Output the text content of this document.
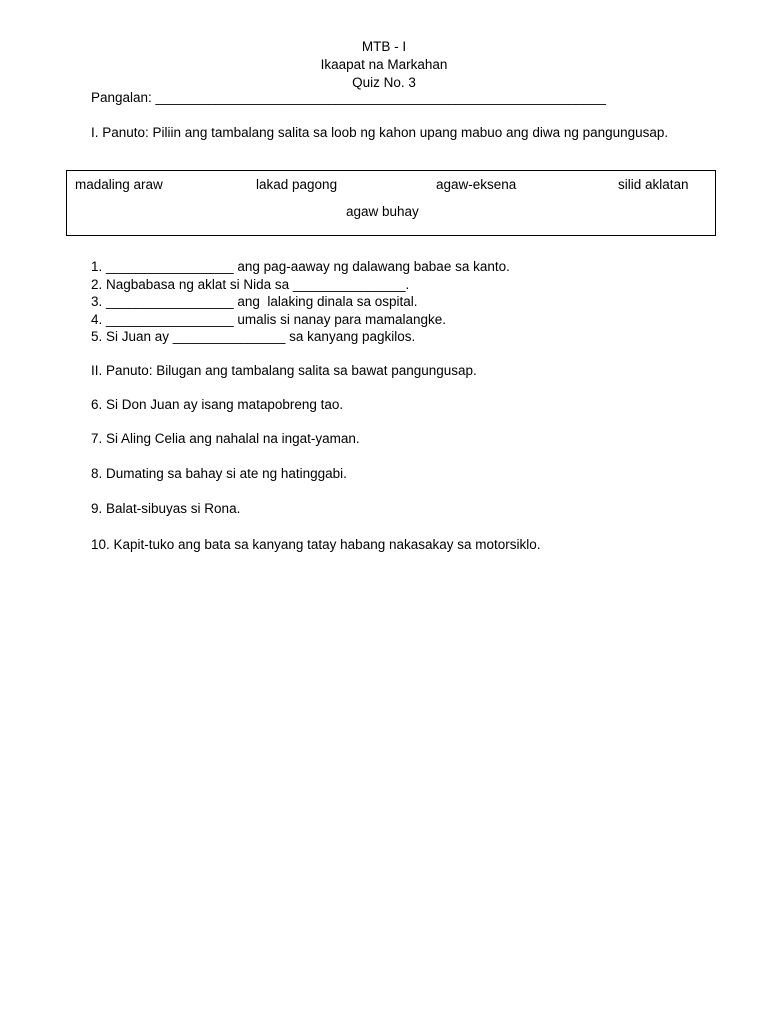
MTB - I
Ikaapat na Markahan
Quiz No. 3
Pangalan: ____________________________________________________________
I. Panuto: Piliin ang tambalang salita sa loob ng kahon upang mabuo ang diwa ng pangungusap.
madaling araw	lakad pagong	agaw-eksena	silid aklatan
agaw buhay
1. _________________ ang pag-aaway ng dalawang babae sa kanto.
2. Nagbabasa ng aklat si Nida sa _______________.
3. _________________ ang  lalaking dinala sa ospital.
4. _________________ umalis si nanay para mamalangke.
5. Si Juan ay _______________ sa kanyang pagkilos.
II. Panuto: Bilugan ang tambalang salita sa bawat pangungusap.
6. Si Don Juan ay isang matapobreng tao.
7. Si Aling Celia ang nahalal na ingat-yaman.
8. Dumating sa bahay si ate ng hatinggabi.
9. Balat-sibuyas si Rona.
10. Kapit-tuko ang bata sa kanyang tatay habang nakasakay sa motorsiklo.
